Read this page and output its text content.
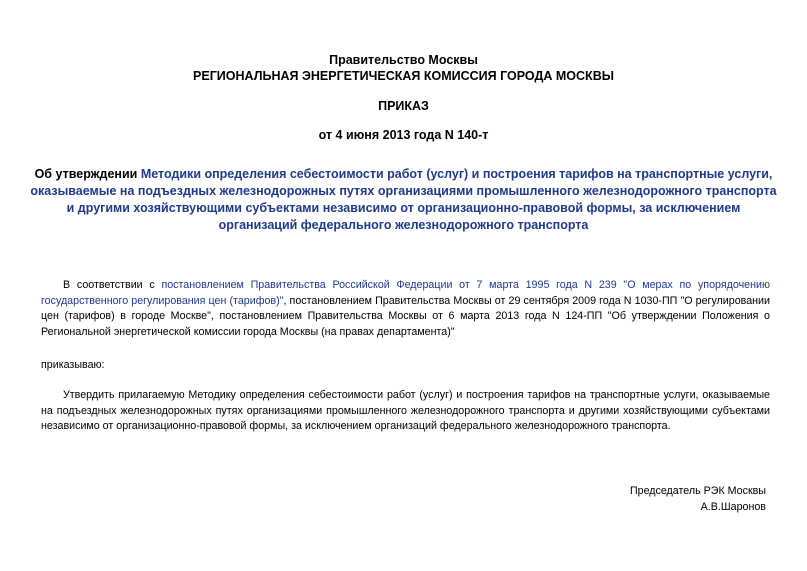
Правительство Москвы
РЕГИОНАЛЬНАЯ ЭНЕРГЕТИЧЕСКАЯ КОМИССИЯ ГОРОДА МОСКВЫ
ПРИКАЗ
от 4 июня 2013 года N 140-т
Об утверждении Методики определения себестоимости работ (услуг) и построения тарифов на транспортные услуги, оказываемые на подъездных железнодорожных путях организациями промышленного железнодорожного транспорта и другими хозяйствующими субъектами независимо от организационно-правовой формы, за исключением организаций федерального железнодорожного транспорта
В соответствии с постановлением Правительства Российской Федерации от 7 марта 1995 года N 239 "О мерах по упорядочению государственного регулирования цен (тарифов)", постановлением Правительства Москвы от 29 сентября 2009 года N 1030-ПП "О регулировании цен (тарифов) в городе Москве", постановлением Правительства Москвы от 6 марта 2013 года N 124-ПП "Об утверждении Положения о Региональной энергетической комиссии города Москвы (на правах департамента)"
приказываю:
Утвердить прилагаемую Методику определения себестоимости работ (услуг) и построения тарифов на транспортные услуги, оказываемые на подъездных железнодорожных путях организациями промышленного железнодорожного транспорта и другими хозяйствующими субъектами независимо от организационно-правовой формы, за исключением организаций федерального железнодорожного транспорта.
Председатель РЭК Москвы
А.В.Шаронов
